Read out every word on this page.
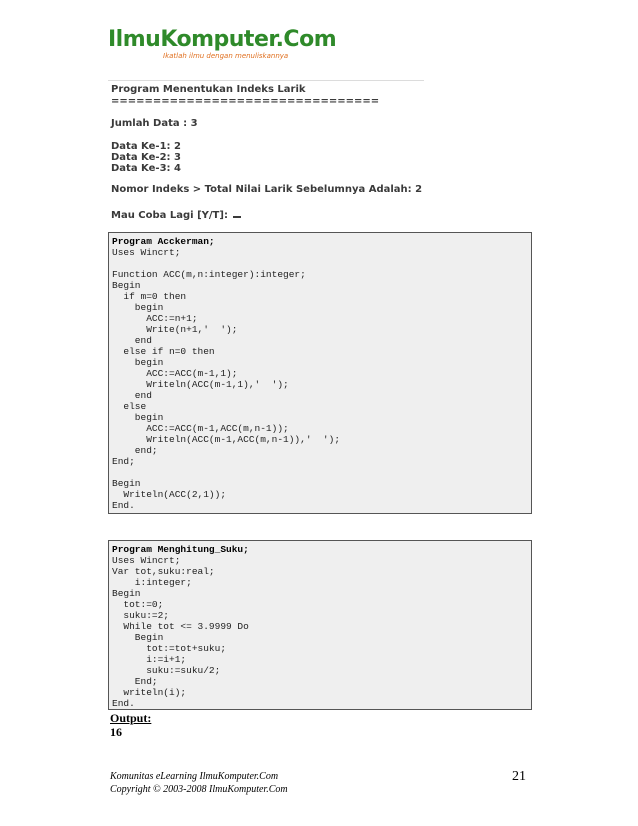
IlmuKomputer.Com
Ikatlah ilmu dengan menuliskannya
Program Menentukan Indeks Larik
================================
Jumlah Data : 3
Data Ke-1: 2
Data Ke-2: 3
Data Ke-3: 4
Nomor Indeks > Total Nilai Larik Sebelumnya Adalah: 2
Mau Coba Lagi [Y/T]:
Program Acckerman;
Uses Wincrt;
Function ACC(m,n:integer):integer;
Begin
if m=0 then
begin
ACC:=n+1;
Write(n+1,'  ');
end
else if n=0 then
begin
ACC:=ACC(m-1,1);
Writeln(ACC(m-1,1),'  ');
end
else
begin
ACC:=ACC(m-1,ACC(m,n-1));
Writeln(ACC(m-1,ACC(m,n-1)),'  ');
end;
End;
Begin
Writeln(ACC(2,1));
End.
Program Menghitung_Suku;
Uses Wincrt;
Var tot,suku:real;
i:integer;
Begin
tot:=0;
suku:=2;
While tot <= 3.9999 Do
Begin
tot:=tot+suku;
i:=i+1;
suku:=suku/2;
End;
writeln(i);
End.
Output:
16
Komunitas eLearning IlmuKomputer.Com
Copyright © 2003-2008 IlmuKomputer.Com
21
